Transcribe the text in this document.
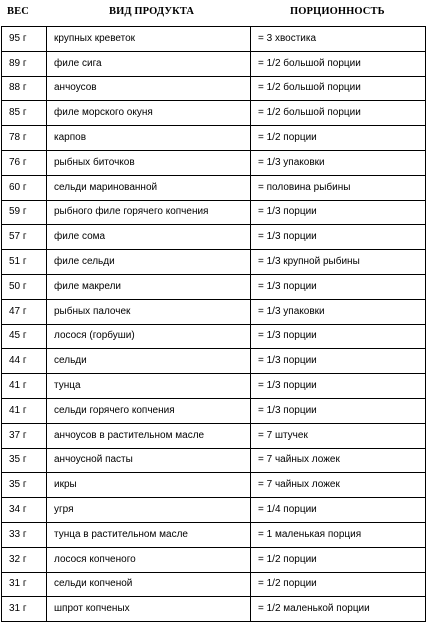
ВЕС	ВИД ПРОДУКТА	ПОРЦИОННОСТЬ
95 г	крупных креветок	= 3 хвостика
89 г	филе сига	= 1/2 большой порции
88 г	анчоусов	= 1/2 большой порции
85 г	филе морского окуня	= 1/2 большой порции
78 г	карпов	= 1/2 порции
76 г	рыбных биточков	= 1/3 упаковки
60 г	сельди маринованной	= половина рыбины
59 г	рыбного филе горячего копчения	= 1/3 порции
57 г	филе сома	= 1/3 порции
51 г	филе сельди	= 1/3 крупной рыбины
50 г	филе макрели	= 1/3 порции
47 г	рыбных палочек	= 1/3 упаковки
45 г	лосося (горбуши)	= 1/3 порции
44 г	сельди	= 1/3 порции
41 г	тунца	= 1/3 порции
41 г	сельди горячего копчения	= 1/3 порции
37 г	анчоусов в растительном масле	= 7 штучек
35 г	анчоусной пасты	= 7 чайных ложек
35 г	икры	= 7 чайных ложек
34 г	угря	= 1/4 порции
33 г	тунца в растительном масле	= 1 маленькая порция
32 г	лосося копченого	= 1/2 порции
31 г	сельди копченой	= 1/2 порции
31 г	шпрот копченых	= 1/2 маленькой порции
